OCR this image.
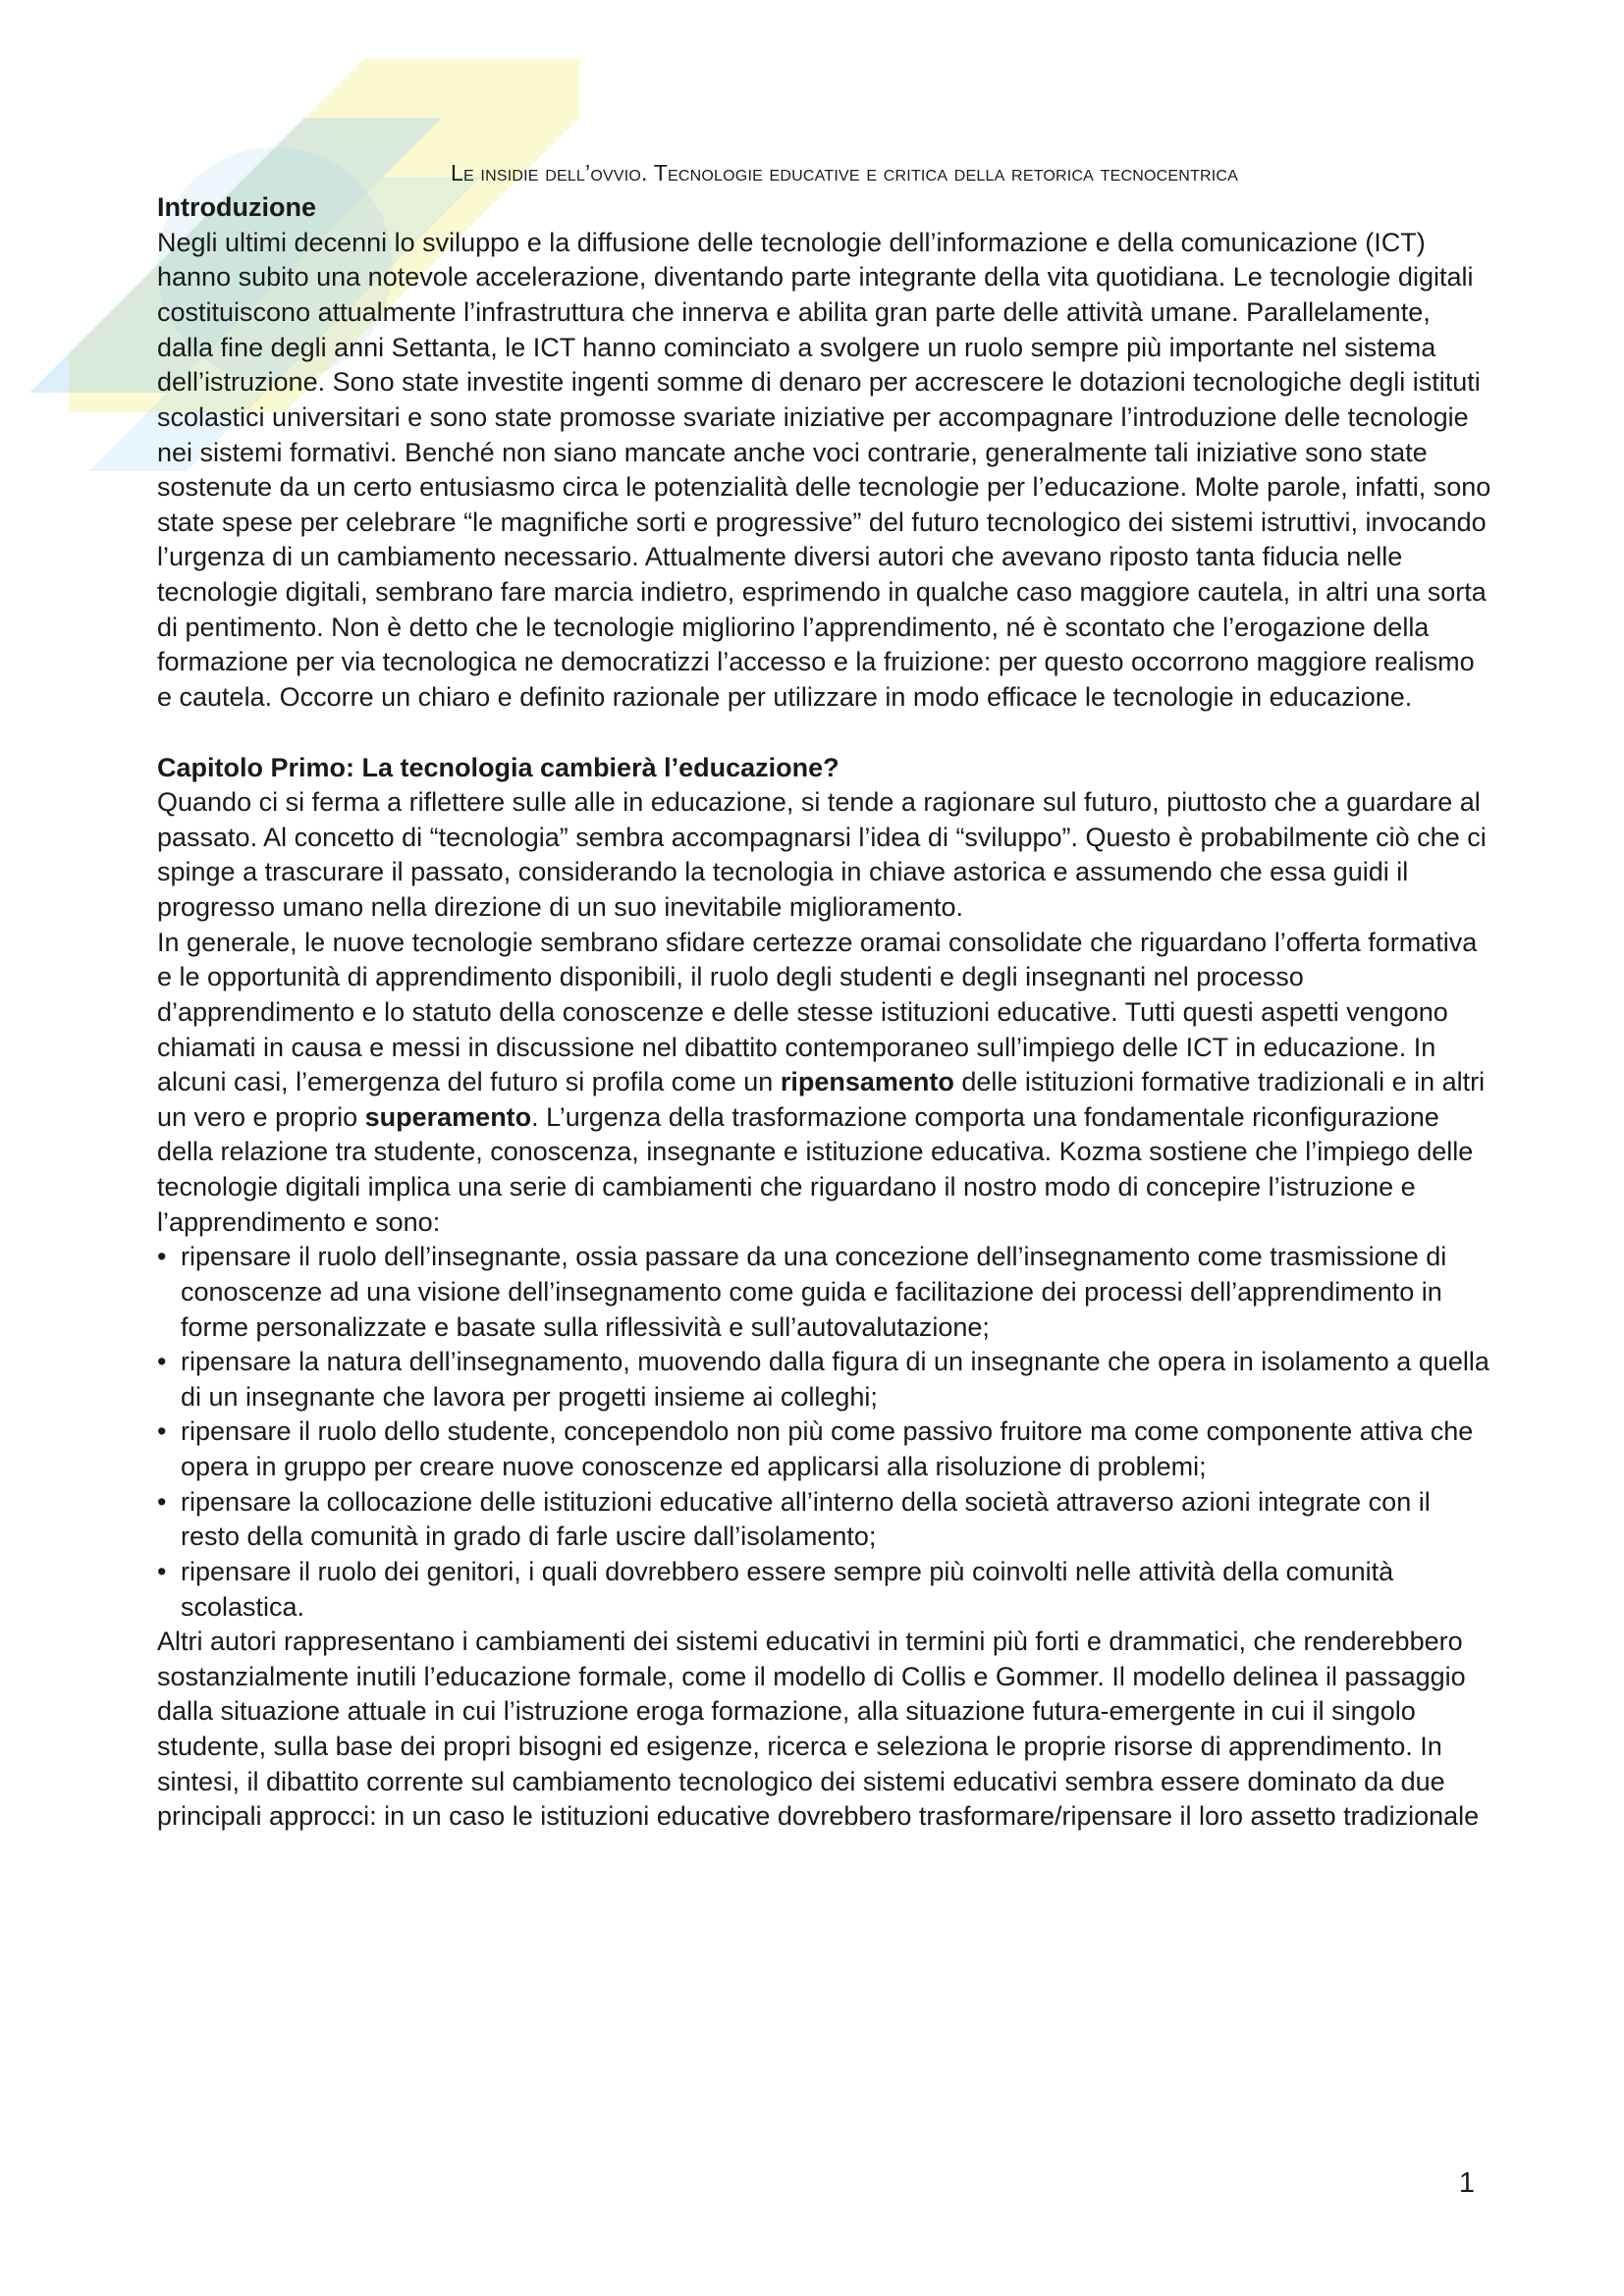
Le insidie dell’ovvio. Tecnologie educative e critica della retorica tecnocentrica
Introduzione

Negli ultimi decenni lo sviluppo e la diffusione delle tecnologie dell’informazione e della comunicazione (ICT) hanno subito una notevole accelerazione, diventando parte integrante della vita quotidiana. Le tecnologie digitali costituiscono attualmente l’infrastruttura che innerva e abilita gran parte delle attività umane. Parallelamente, dalla fine degli anni Settanta, le ICT hanno cominciato a svolgere un ruolo sempre più importante nel sistema dell’istruzione. Sono state investite ingenti somme di denaro per accrescere le dotazioni tecnologiche degli istituti scolastici universitari e sono state promosse svariate iniziative per accompagnare l’introduzione delle tecnologie nei sistemi formativi. Benché non siano mancate anche voci contrarie, generalmente tali iniziative sono state sostenute da un certo entusiasmo circa le potenzialità delle tecnologie per l’educazione. Molte parole, infatti, sono state spese per celebrare “le magnifiche sorti e progressive” del futuro tecnologico dei sistemi istruttivi, invocando l’urgenza di un cambiamento necessario. Attualmente diversi autori che avevano riposto tanta fiducia nelle tecnologie digitali, sembrano fare marcia indietro, esprimendo in qualche caso maggiore cautela, in altri una sorta di pentimento. Non è detto che le tecnologie migliorino l’apprendimento, né è scontato che l’erogazione della formazione per via tecnologica ne democratizzi l’accesso e la fruizione: per questo occorrono maggiore realismo e cautela. Occorre un chiaro e definito razionale per utilizzare in modo efficace le tecnologie in educazione.

Capitolo Primo: La tecnologia cambierà l’educazione?

Quando ci si ferma a riflettere sulle alle in educazione, si tende a ragionare sul futuro, piuttosto che a guardare al passato. Al concetto di “tecnologia” sembra accompagnarsi l’idea di “sviluppo”. Questo è probabilmente ciò che ci spinge a trascurare il passato, considerando la tecnologia in chiave astorica e assumendo che essa guidi il progresso umano nella direzione di un suo inevitabile miglioramento.

In generale, le nuove tecnologie sembrano sfidare certezze oramai consolidate che riguardano l’offerta formativa e le opportunità di apprendimento disponibili, il ruolo degli studenti e degli insegnanti nel processo d’apprendimento e lo statuto della conoscenze e delle stesse istituzioni educative. Tutti questi aspetti vengono chiamati in causa e messi in discussione nel dibattito contemporaneo sull’impiego delle ICT in educazione. In alcuni casi, l’emergenza del futuro si profila come un ripensamento delle istituzioni formative tradizionali e in altri un vero e proprio superamento. L’urgenza della trasformazione comporta una fondamentale riconfigurazione della relazione tra studente, conoscenza, insegnante e istituzione educativa. Kozma sostiene che l’impiego delle tecnologie digitali implica una serie di cambiamenti che riguardano il nostro modo di concepire l’istruzione e l’apprendimento e sono:

• ripensare il ruolo dell’insegnante, ossia passare da una concezione dell’insegnamento come trasmissione di conoscenze ad una visione dell’insegnamento come guida e facilitazione dei processi dell’apprendimento in forme personalizzate e basate sulla riflessività e sull’autovalutazione;
• ripensare la natura dell’insegnamento, muovendo dalla figura di un insegnante che opera in isolamento a quella di un insegnante che lavora per progetti insieme ai colleghi;
• ripensare il ruolo dello studente, concependolo non più come passivo fruitore ma come componente attiva che opera in gruppo per creare nuove conoscenze ed applicarsi alla risoluzione di problemi;
• ripensare la collocazione delle istituzioni educative all’interno della società attraverso azioni integrate con il resto della comunità in grado di farle uscire dall’isolamento;
• ripensare il ruolo dei genitori, i quali dovrebbero essere sempre più coinvolti nelle attività della comunità scolastica.

Altri autori rappresentano i cambiamenti dei sistemi educativi in termini più forti e drammatici, che renderebbero sostanzialmente inutili l’educazione formale, come il modello di Collis e Gommer. Il modello delinea il passaggio dalla situazione attuale in cui l’istruzione eroga formazione, alla situazione futura-emergente in cui il singolo studente, sulla base dei propri bisogni ed esigenze, ricerca e seleziona le proprie risorse di apprendimento. In sintesi, il dibattito corrente sul cambiamento tecnologico dei sistemi educativi sembra essere dominato da due principali approcci: in un caso le istituzioni educative dovrebbero trasformare/ripensare il loro assetto tradizionale

1
